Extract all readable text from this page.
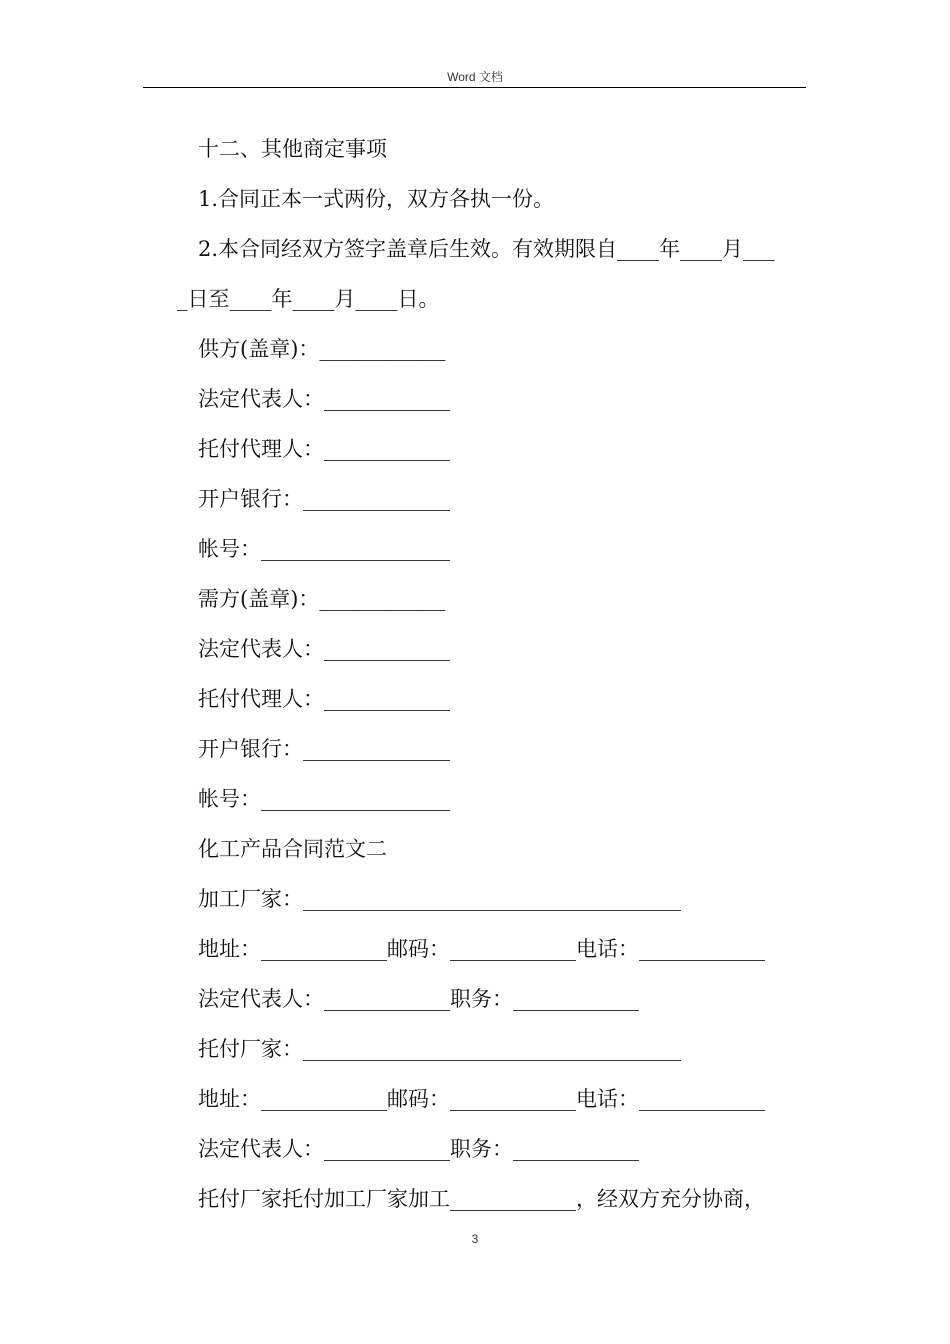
Word 文档
十二、其他商定事项
1.合同正本一式两份，双方各执一份。
2.本合同经双方签字盖章后生效。有效期限自____年____月___
_日至____年____月____日。
供方(盖章)：____________
法定代表人：____________
托付代理人：____________
开户银行：______________
帐号：__________________
需方(盖章)：____________
法定代表人：____________
托付代理人：____________
开户银行：______________
帐号：__________________
化工产品合同范文二
加工厂家：____________________________________
地址：____________邮码：____________电话：____________
法定代表人：____________职务：____________
托付厂家：____________________________________
地址：____________邮码：____________电话：____________
法定代表人：____________职务：____________
托付厂家托付加工厂家加工____________，经双方充分协商，
3
